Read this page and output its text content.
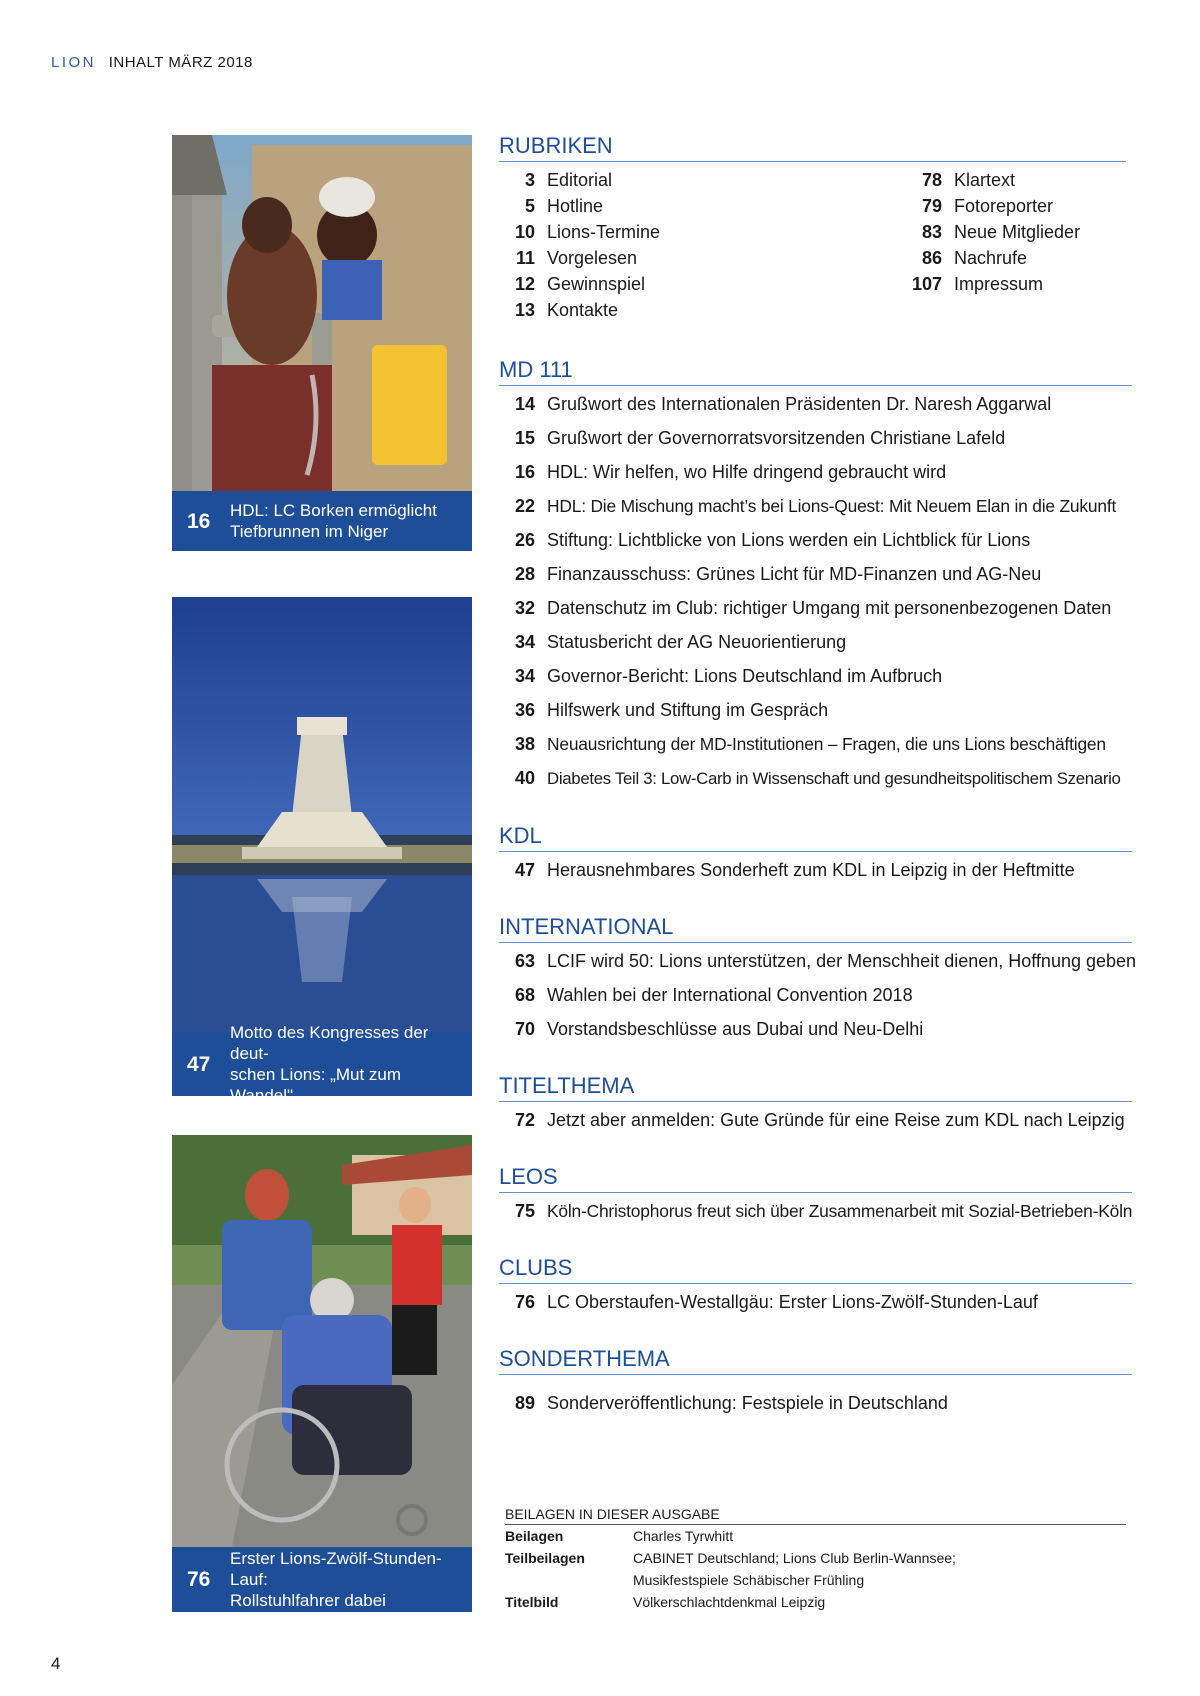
LION INHALT MÄRZ 2018
16	HDL: LC Borken ermöglicht
Tiefbrunnen im Niger
47
Motto des Kongresses der deut-
schen Lions: „Mut zum Wandel"
76
Erster Lions-Zwölf-Stunden-Lauf:
Rollstuhlfahrer dabei
RUBRIKEN
3 Editorial
5 Hotline
10 Lions-Termine
11 Vorgelesen
12 Gewinnspiel
13 Kontakte
78 Klartext
79 Fotoreporter
83 Neue Mitglieder
86 Nachrufe
107 Impressum
MD 111
14 Grußwort des Internationalen Präsidenten Dr. Naresh Aggarwal
15 Grußwort der Governorratsvorsitzenden Christiane Lafeld
16 HDL: Wir helfen, wo Hilfe dringend gebraucht wird
22 HDL: Die Mischung macht’s bei Lions-Quest: Mit Neuem Elan in die Zukunft
26 Stiftung: Lichtblicke von Lions werden ein Lichtblick für Lions
28 Finanzausschuss: Grünes Licht für MD-Finanzen und AG-Neu
32 Datenschutz im Club: richtiger Umgang mit personenbezogenen Daten
34 Statusbericht der AG Neuorientierung
34 Governor-Bericht: Lions Deutschland im Aufbruch
36 Hilfswerk und Stiftung im Gespräch
38 Neuausrichtung der MD-Institutionen – Fragen, die uns Lions beschäftigen
40 Diabetes Teil 3: Low-Carb in Wissenschaft und gesundheitspolitischem Szenario
KDL
47 Herausnehmbares Sonderheft zum KDL in Leipzig in der Heftmitte
INTERNATIONAL
63 LCIF wird 50: Lions unterstützen, der Menschheit dienen, Hoffnung geben
68 Wahlen bei der International Convention 2018
70 Vorstandsbeschlüsse aus Dubai und Neu-Delhi
TITELTHEMA
72 Jetzt aber anmelden: Gute Gründe für eine Reise zum KDL nach Leipzig
LEOS
75 Köln-Christophorus freut sich über Zusammenarbeit mit Sozial-Betrieben-Köln
CLUBS
76 LC Oberstaufen-Westallgäu: Erster Lions-Zwölf-Stunden-Lauf
SONDERTHEMA
89 Sonderveröffentlichung: Festspiele in Deutschland
BEILAGEN IN DIESER AUSGABE
Beilagen	Charles Tyrwhitt
Teilbeilagen	CABINET Deutschland; Lions Club Berlin-Wannsee;
Musikfestspiele Schäbischer Frühling
Titelbild	Völkerschlachtdenkmal Leipzig
4
